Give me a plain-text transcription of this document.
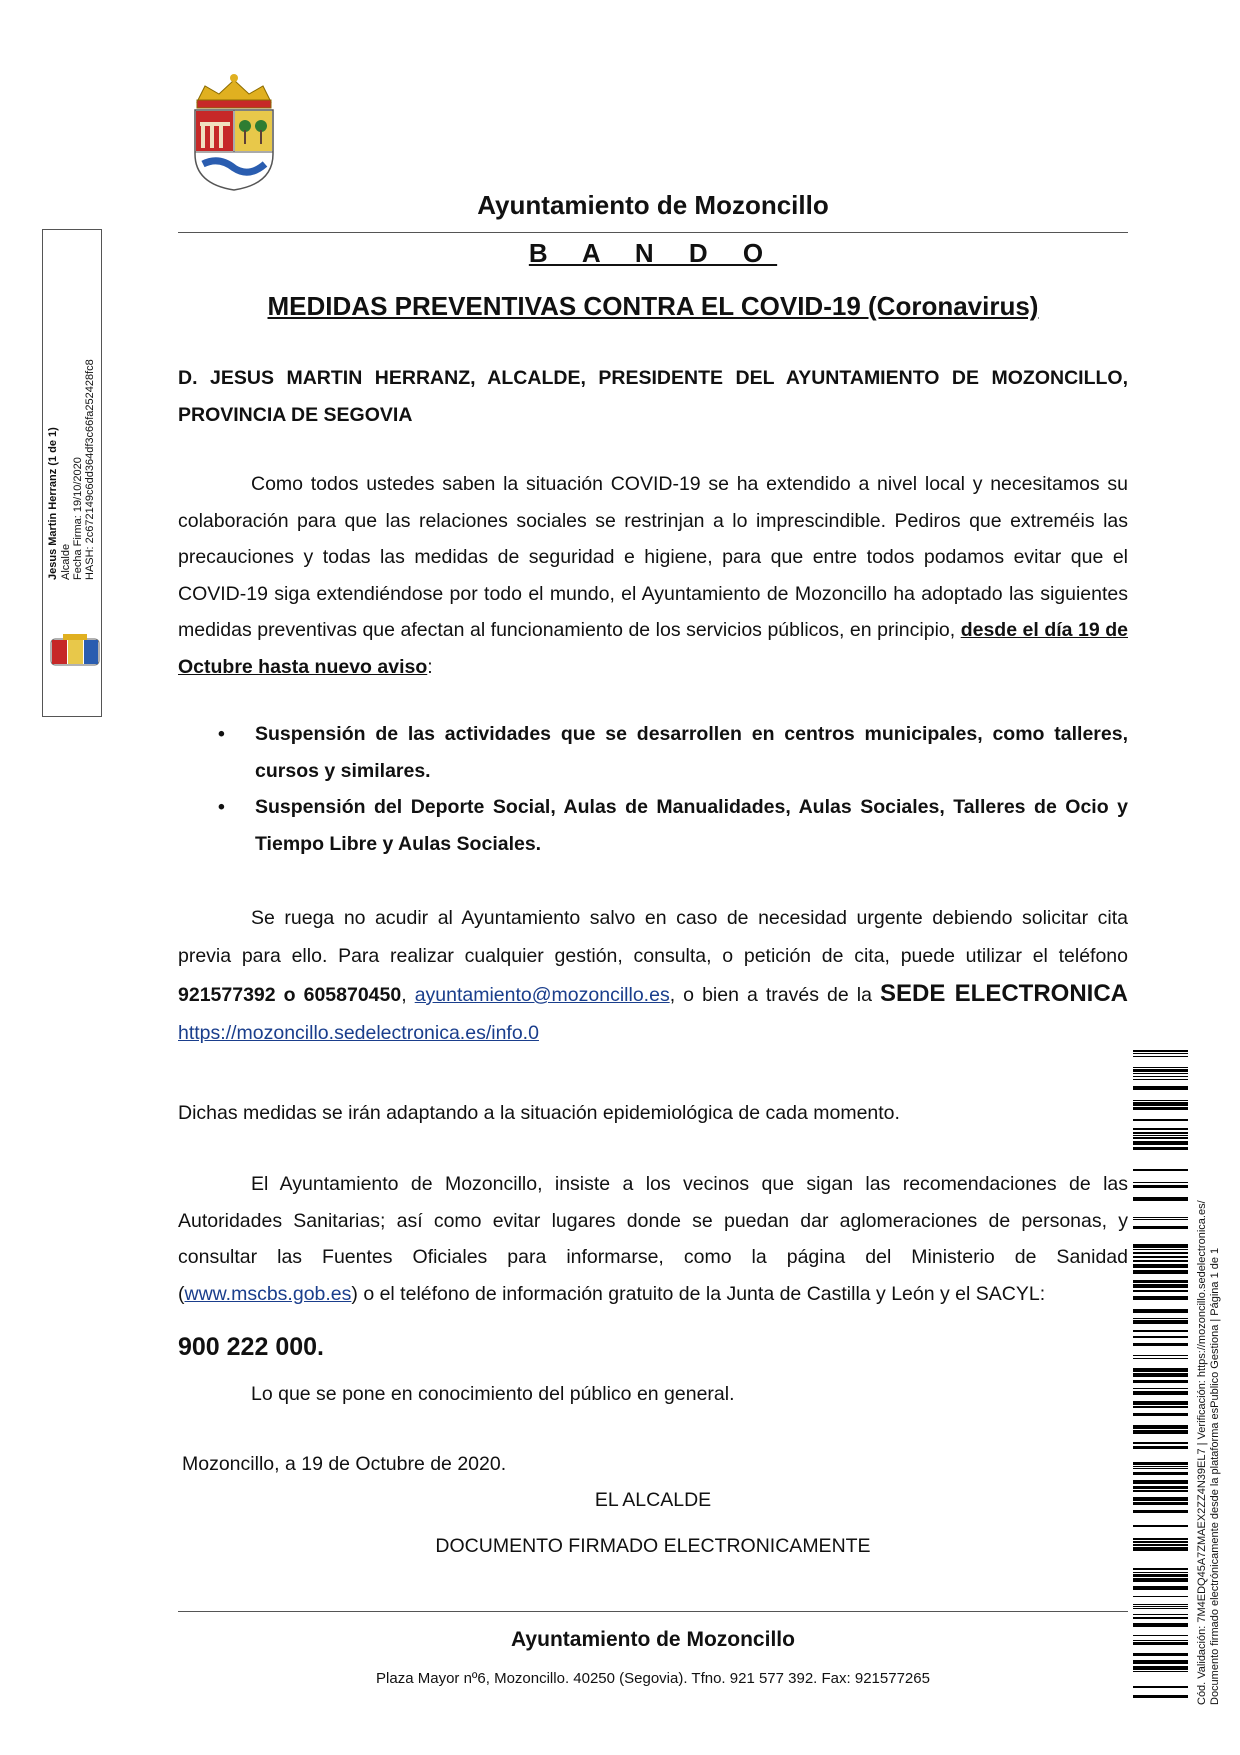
Ayuntamiento de Mozoncillo
B A N D O
MEDIDAS PREVENTIVAS CONTRA EL COVID-19 (Coronavirus)
D. JESUS MARTIN HERRANZ, ALCALDE, PRESIDENTE DEL AYUNTAMIENTO DE MOZONCILLO, PROVINCIA DE SEGOVIA
Como todos ustedes saben la situación COVID-19 se ha extendido a nivel local y necesitamos su colaboración para que las relaciones sociales se restrinjan a lo imprescindible. Pediros que extreméis las precauciones y todas las medidas de seguridad e higiene, para que entre todos podamos evitar que el COVID-19 siga extendiéndose por todo el mundo, el Ayuntamiento de Mozoncillo ha adoptado las siguientes medidas preventivas que afectan al funcionamiento de los servicios públicos, en principio, desde el día 19 de Octubre hasta nuevo aviso:
• Suspensión de las actividades que se desarrollen en centros municipales, como talleres, cursos y similares.
• Suspensión del Deporte Social, Aulas de Manualidades, Aulas Sociales, Talleres de Ocio y Tiempo Libre y Aulas Sociales.
Se ruega no acudir al Ayuntamiento salvo en caso de necesidad urgente debiendo solicitar cita previa para ello. Para realizar cualquier gestión, consulta, o petición de cita, puede utilizar el teléfono 921577392 o 605870450, ayuntamiento@mozoncillo.es, o bien a través de la SEDE ELECTRONICA https://mozoncillo.sedelectronica.es/info.0
Dichas medidas se irán adaptando a la situación epidemiológica de cada momento.
El Ayuntamiento de Mozoncillo, insiste a los vecinos que sigan las recomendaciones de las Autoridades Sanitarias; así como evitar lugares donde se puedan dar aglomeraciones de personas, y consultar las Fuentes Oficiales para informarse, como la página del Ministerio de Sanidad (www.mscbs.gob.es) o el teléfono de información gratuito de la Junta de Castilla y León y el SACYL:
900 222 000.
Lo que se pone en conocimiento del público en general.
Mozoncillo, a 19 de Octubre de 2020.
EL ALCALDE
DOCUMENTO FIRMADO ELECTRONICAMENTE
Ayuntamiento de Mozoncillo
Plaza Mayor nº6, Mozoncillo. 40250 (Segovia). Tfno. 921 577 392. Fax: 921577265
Jesus Martin Herranz (1 de 1) Alcalde Fecha Firma: 19/10/2020 HASH: 2c672149c6dd364df3c66fa252428fc8
Cód. Validación: 7M4EDQ45A7ZMAEX2ZZ4N39EL7 | Verificación: https://mozoncillo.sedelectronica.es/ Documento firmado electrónicamente desde la plataforma esPublico Gestiona | Página 1 de 1
